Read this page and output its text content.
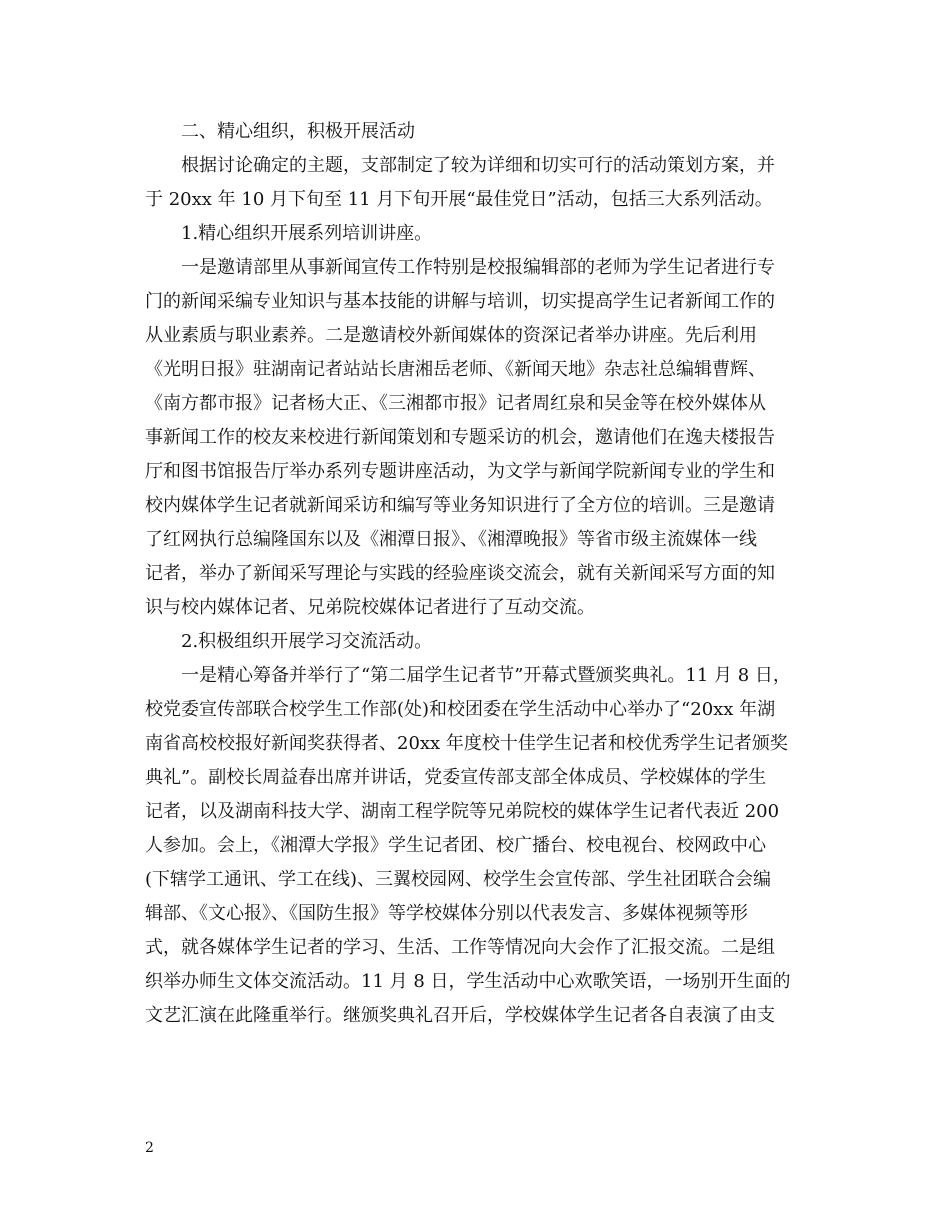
二、精心组织，积极开展活动
根据讨论确定的主题，支部制定了较为详细和切实可行的活动策划方案，并
于 20xx 年 10 月下旬至 11 月下旬开展“最佳党日”活动，包括三大系列活动。
1.精心组织开展系列培训讲座。
一是邀请部里从事新闻宣传工作特别是校报编辑部的老师为学生记者进行专
门的新闻采编专业知识与基本技能的讲解与培训，切实提高学生记者新闻工作的
从业素质与职业素养。二是邀请校外新闻媒体的资深记者举办讲座。先后利用
《光明日报》驻湖南记者站站长唐湘岳老师、《新闻天地》杂志社总编辑曹辉、
《南方都市报》记者杨大正、《三湘都市报》记者周红泉和吴金等在校外媒体从
事新闻工作的校友来校进行新闻策划和专题采访的机会，邀请他们在逸夫楼报告
厅和图书馆报告厅举办系列专题讲座活动，为文学与新闻学院新闻专业的学生和
校内媒体学生记者就新闻采访和编写等业务知识进行了全方位的培训。三是邀请
了红网执行总编隆国东以及《湘潭日报》、《湘潭晚报》等省市级主流媒体一线
记者，举办了新闻采写理论与实践的经验座谈交流会，就有关新闻采写方面的知
识与校内媒体记者、兄弟院校媒体记者进行了互动交流。
2.积极组织开展学习交流活动。
一是精心筹备并举行了“第二届学生记者节”开幕式暨颁奖典礼。11 月 8 日，
校党委宣传部联合校学生工作部(处)和校团委在学生活动中心举办了“20xx 年湖
南省高校校报好新闻奖获得者、20xx 年度校十佳学生记者和校优秀学生记者颁奖
典礼”。副校长周益春出席并讲话，党委宣传部支部全体成员、学校媒体的学生
记者，以及湖南科技大学、湖南工程学院等兄弟院校的媒体学生记者代表近 200
人参加。会上，《湘潭大学报》学生记者团、校广播台、校电视台、校网政中心
(下辖学工通讯、学工在线)、三翼校园网、校学生会宣传部、学生社团联合会编
辑部、《文心报》、《国防生报》等学校媒体分别以代表发言、多媒体视频等形
式，就各媒体学生记者的学习、生活、工作等情况向大会作了汇报交流。二是组
织举办师生文体交流活动。11 月 8 日，学生活动中心欢歌笑语，一场别开生面的
文艺汇演在此隆重举行。继颁奖典礼召开后，学校媒体学生记者各自表演了由支
2
